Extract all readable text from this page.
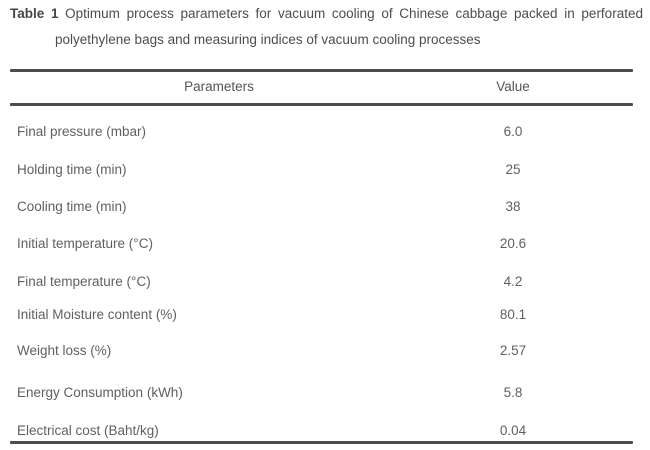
Table 1 Optimum process parameters for vacuum cooling of Chinese cabbage packed in perforated
polyethylene bags and measuring indices of vacuum cooling processes
Parameters	Value
Final pressure (mbar)	6.0
Holding time (min)	25
Cooling time (min)	38
Initial temperature (°C)	20.6
Final temperature (°C)	4.2
Initial Moisture content (%)	80.1
Weight loss (%)	2.57
Energy Consumption (kWh)	5.8
Electrical cost (Baht/kg)	0.04
